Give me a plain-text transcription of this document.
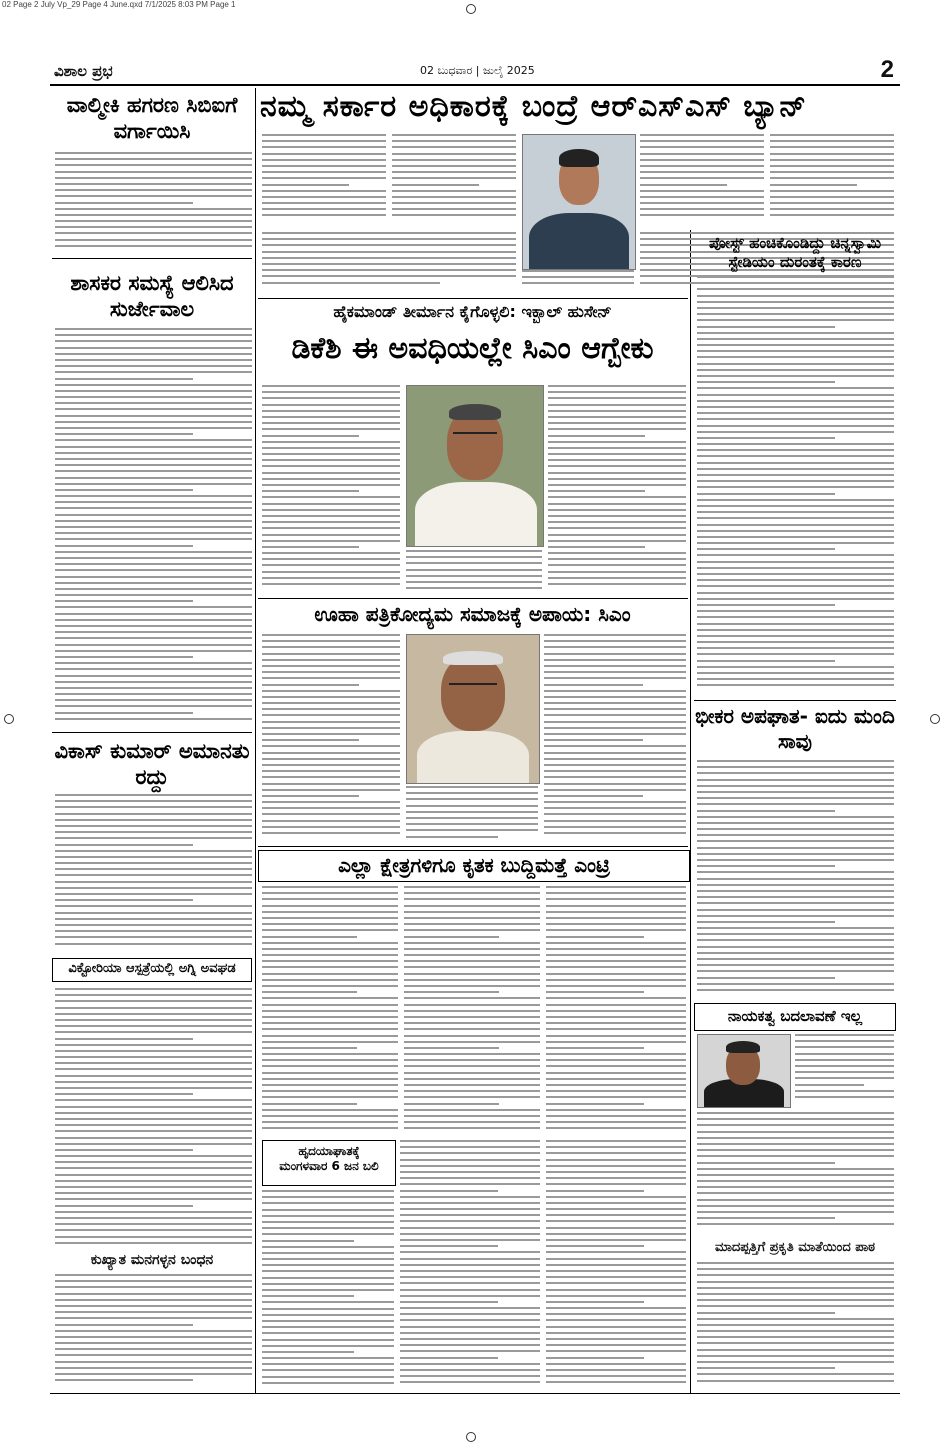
02 Page 2 July Vp_29 Page 4 June.qxd 7/1/2025 8:03 PM Page 1
ವಿಶಾಲ ಪ್ರಭ	02 ಬುಧವಾರ | ಜುಲೈ 2025	2
ವಾಲ್ಮೀಕಿ ಹಗರಣ ಸಿಬಿಐಗೆ ವರ್ಗಾಯಿಸಿ
ಶಾಸಕರ ಸಮಸ್ಯೆ ಆಲಿಸಿದ ಸುರ್ಜೇವಾಲ
ವಿಕಾಸ್ ಕುಮಾರ್ ಅಮಾನತು ರದ್ದು
ವಿಕ್ಟೋರಿಯಾ ಆಸ್ಪತ್ರೆಯಲ್ಲಿ ಅಗ್ನಿ ಅವಘಡ
ಕುಖ್ಯಾತ ಮನಗಳ್ಳನ ಬಂಧನ
ನಮ್ಮ ಸರ್ಕಾರ ಅಧಿಕಾರಕ್ಕೆ ಬಂದ್ರೆ ಆರ್‌ಎಸ್‌ಎಸ್ ಬ್ಯಾನ್
ಹೈಕಮಾಂಡ್ ತೀರ್ಮಾನ ಕೈಗೊಳ್ಳಲಿ: ಇಕ್ಬಾಲ್ ಹುಸೇನ್
ಡಿಕೆಶಿ ಈ ಅವಧಿಯಲ್ಲೇ ಸಿಎಂ ಆಗ್ಬೇಕು
ಊಹಾ ಪತ್ರಿಕೋದ್ಯಮ ಸಮಾಜಕ್ಕೆ ಅಪಾಯ: ಸಿಎಂ
ಎಲ್ಲಾ ಕ್ಷೇತ್ರಗಳಿಗೂ ಕೃತಕ ಬುದ್ದಿಮತ್ತೆ ಎಂಟ್ರಿ
ಹೃದಯಾಘಾತಕ್ಕೆ
ಮಂಗಳವಾರ 6 ಜನ ಬಲಿ
ಪೋಸ್ಟ್ ಹಂಚಿಕೊಂಡಿದ್ದು ಚಿನ್ನಸ್ವಾಮಿ ಸ್ಟೇಡಿಯಂ ದುರಂತಕ್ಕೆ ಕಾರಣ
ಭೀಕರ ಅಪಘಾತ- ಐದು ಮಂದಿ ಸಾವು
ನಾಯಕತ್ವ ಬದಲಾವಣೆ ಇಲ್ಲ
ಮಾದಪ್ಪತ್ತಿಗೆ ಪ್ರಕೃತಿ ಮಾತೆಯಿಂದ ಪಾಠ
